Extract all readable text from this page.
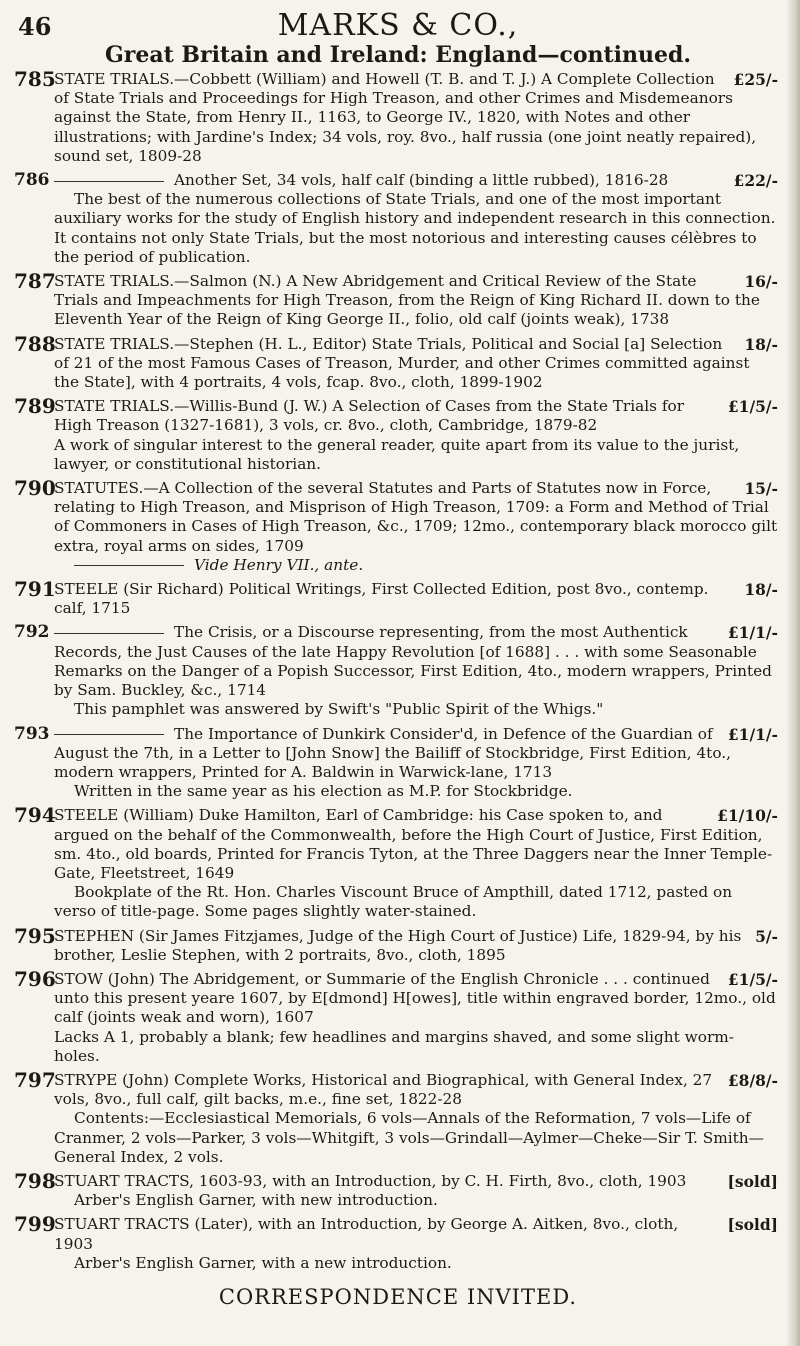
46	MARKS & CO.,
Great Britain and Ireland: England—continued.
785	£25/-
STATE TRIALS.—Cobbett (William) and Howell (T. B. and T. J.) A Complete Collection of State Trials and Proceedings for High Treason, and other Crimes and Misdemeanors against the State, from Henry II., 1163, to George IV., 1820, with Notes and other illustrations; with Jardine's Index; 34 vols, roy. 8vo., half russia (one joint neatly repaired), sound set, 1809-28
786	£22/-
Another Set, 34 vols, half calf (binding a little rubbed), 1816-28
The best of the numerous collections of State Trials, and one of the most important auxiliary works for the study of English history and independent research in this connection. It contains not only State Trials, but the most notorious and interesting causes célèbres to the period of publication.
787	16/-
STATE TRIALS.—Salmon (N.) A New Abridgement and Critical Review of the State Trials and Impeachments for High Treason, from the Reign of King Richard II. down to the Eleventh Year of the Reign of King George II., folio, old calf (joints weak), 1738
788	18/-
STATE TRIALS.—Stephen (H. L., Editor) State Trials, Political and Social [a] Selection of 21 of the most Famous Cases of Treason, Murder, and other Crimes committed against the State], with 4 portraits, 4 vols, fcap. 8vo., cloth, 1899-1902
789	£1/5/-
STATE TRIALS.—Willis-Bund (J. W.) A Selection of Cases from the State Trials for High Treason (1327-1681), 3 vols, cr. 8vo., cloth, Cambridge, 1879-82
A work of singular interest to the general reader, quite apart from its value to the jurist, lawyer, or constitutional historian.
790	15/-
STATUTES.—A Collection of the several Statutes and Parts of Statutes now in Force, relating to High Treason, and Misprison of High Treason, 1709: a Form and Method of Trial of Commoners in Cases of High Treason, &c., 1709; 12mo., contemporary black morocco gilt extra, royal arms on sides, 1709
Vide Henry VII., ante.
791	18/-
STEELE (Sir Richard) Political Writings, First Collected Edition, post 8vo., contemp. calf, 1715
792	£1/1/-
The Crisis, or a Discourse representing, from the most Authentick Records, the Just Causes of the late Happy Revolution [of 1688] . . . with some Seasonable Remarks on the Danger of a Popish Successor, First Edition, 4to., modern wrappers, Printed by Sam. Buckley, &c., 1714
This pamphlet was answered by Swift's "Public Spirit of the Whigs."
793	£1/1/-
The Importance of Dunkirk Consider'd, in Defence of the Guardian of August the 7th, in a Letter to [John Snow] the Bailiff of Stockbridge, First Edition, 4to., modern wrappers, Printed for A. Baldwin in Warwick-lane, 1713
Written in the same year as his election as M.P. for Stockbridge.
794	£1/10/-
STEELE (William) Duke Hamilton, Earl of Cambridge: his Case spoken to, and argued on the behalf of the Commonwealth, before the High Court of Justice, First Edition, sm. 4to., old boards, Printed for Francis Tyton, at the Three Daggers near the Inner Temple-Gate, Fleetstreet, 1649
Bookplate of the Rt. Hon. Charles Viscount Bruce of Ampthill, dated 1712, pasted on verso of title-page. Some pages slightly water-stained.
795	5/-
STEPHEN (Sir James Fitzjames, Judge of the High Court of Justice) Life, 1829-94, by his brother, Leslie Stephen, with 2 portraits, 8vo., cloth, 1895
796	£1/5/-
STOW (John) The Abridgement, or Summarie of the English Chronicle . . . continued unto this present yeare 1607, by E[dmond] H[owes], title within engraved border, 12mo., old calf (joints weak and worn), 1607
Lacks A 1, probably a blank; few headlines and margins shaved, and some slight worm-holes.
797	£8/8/-
STRYPE (John) Complete Works, Historical and Biographical, with General Index, 27 vols, 8vo., full calf, gilt backs, m.e., fine set, 1822-28
Contents:—Ecclesiastical Memorials, 6 vols—Annals of the Reformation, 7 vols—Life of Cranmer, 2 vols—Parker, 3 vols—Whitgift, 3 vols—Grindall—Aylmer—Cheke—Sir T. Smith—General Index, 2 vols.
798	[sold]
STUART TRACTS, 1603-93, with an Introduction, by C. H. Firth, 8vo., cloth, 1903
Arber's English Garner, with new introduction.
799	[sold]
STUART TRACTS (Later), with an Introduction, by George A. Aitken, 8vo., cloth, 1903
Arber's English Garner, with a new introduction.
CORRESPONDENCE INVITED.
